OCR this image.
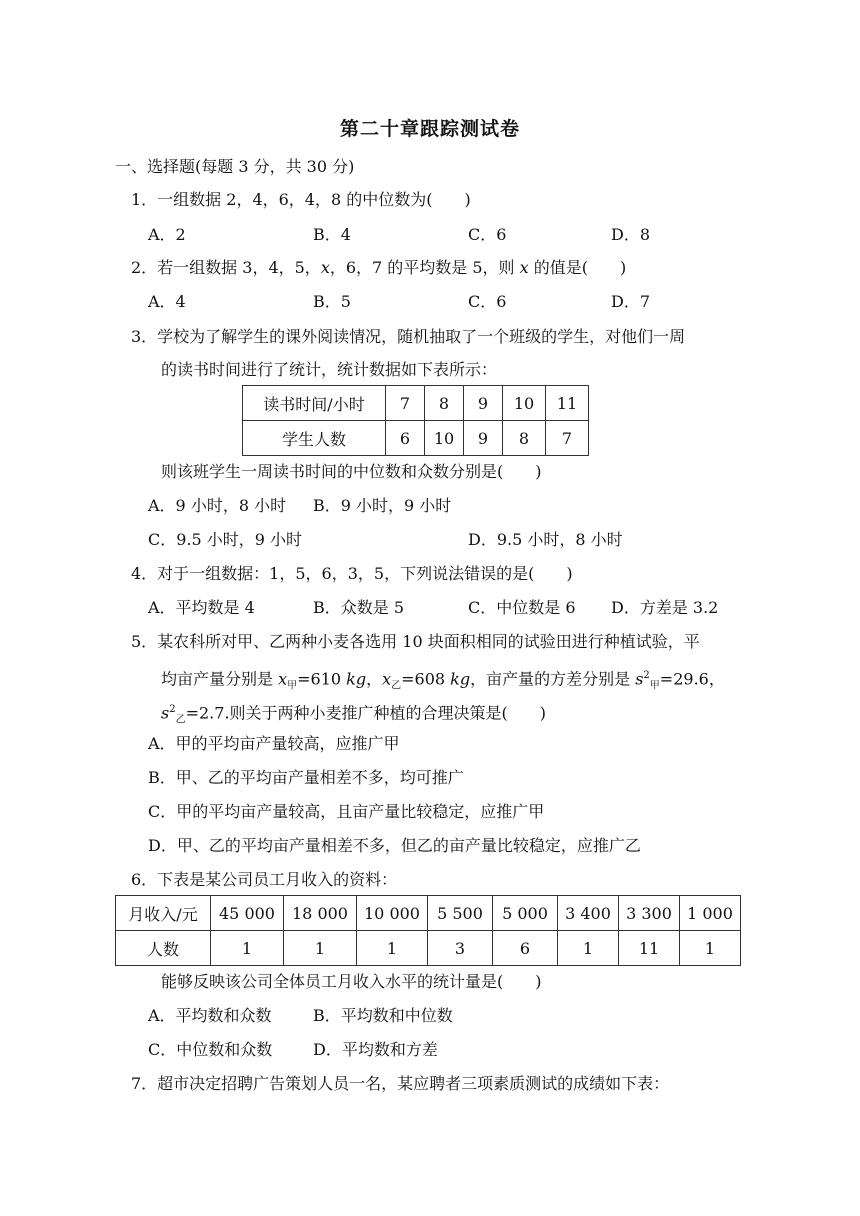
第二十章跟踪测试卷
一、选择题(每题 3 分，共 30 分)
1．一组数据 2，4，6，4，8 的中位数为(　　)
A．2	B．4	C．6	D．8
2．若一组数据 3，4，5，x，6，7 的平均数是 5，则 x 的值是(　　)
A．4	B．5	C．6	D．7
3．学校为了解学生的课外阅读情况，随机抽取了一个班级的学生，对他们一周
的读书时间进行了统计，统计数据如下表所示：
读书时间/小时	7	8	9	10	11
学生人数	6	10	9	8	7
则该班学生一周读书时间的中位数和众数分别是(　　)
A．9 小时，8 小时 B．9 小时，9 小时
C．9.5 小时，9 小时	D．9.5 小时，8 小时
4．对于一组数据：1，5，6，3，5，下列说法错误的是(　　)
A．平均数是 4	B．众数是 5	C．中位数是 6 D．方差是 3.2
5．某农科所对甲、乙两种小麦各选用 10 块面积相同的试验田进行种植试验，平
均亩产量分别是 $x_甲=610$ kg，$x_乙=608$ kg，亩产量的方差分别是 $s^2_甲=29.6$，
$s^2_乙=2.7$.则关于两种小麦推广种植的合理决策是(　　)
A．甲的平均亩产量较高，应推广甲
B．甲、乙的平均亩产量相差不多，均可推广
C．甲的平均亩产量较高，且亩产量比较稳定，应推广甲
D．甲、乙的平均亩产量相差不多，但乙的亩产量比较稳定，应推广乙
6．下表是某公司员工月收入的资料：
月收入/元	45 000	18 000	10 000	5 500	5 000	3 400	3 300	1 000
人数	1	1	1	3	6	1	11	1
能够反映该公司全体员工月收入水平的统计量是(　　)
A．平均数和众数	B．平均数和中位数
C．中位数和众数	D．平均数和方差
7．超市决定招聘广告策划人员一名，某应聘者三项素质测试的成绩如下表：
